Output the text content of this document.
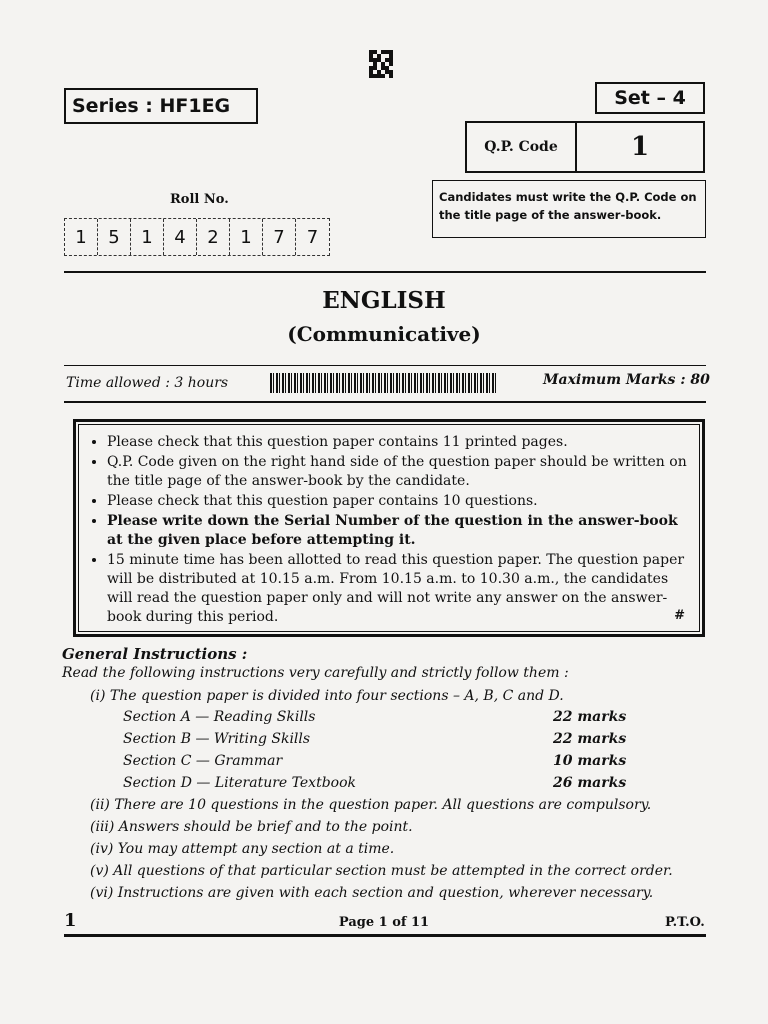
Series : HF1EG	Set – 4
Q.P. Code	1
Candidates must write the Q.P. Code on the title page of the answer-book.
Roll No.
1	5	1	4	2	1	7	7
ENGLISH
(Communicative)
Time allowed : 3 hours	Maximum Marks : 80
• Please check that this question paper contains 11 printed pages.
• Q.P. Code given on the right hand side of the question paper should be written on the title page of the answer-book by the candidate.
• Please check that this question paper contains 10 questions.
• Please write down the Serial Number of the question in the answer-book at the given place before attempting it.
• 15 minute time has been allotted to read this question paper. The question paper will be distributed at 10.15 a.m. From 10.15 a.m. to 10.30 a.m., the candidates will read the question paper only and will not write any answer on the answer-book during this period.	#
General Instructions :
Read the following instructions very carefully and strictly follow them :
(i) The question paper is divided into four sections – A, B, C and D.
Section A — Reading Skills	22 marks
Section B — Writing Skills	22 marks
Section C — Grammar	10 marks
Section D — Literature Textbook	26 marks
(ii) There are 10 questions in the question paper. All questions are compulsory.
(iii) Answers should be brief and to the point.
(iv) You may attempt any section at a time.
(v) All questions of that particular section must be attempted in the correct order.
(vi) Instructions are given with each section and question, wherever necessary.
1	Page 1 of 11	P.T.O.
